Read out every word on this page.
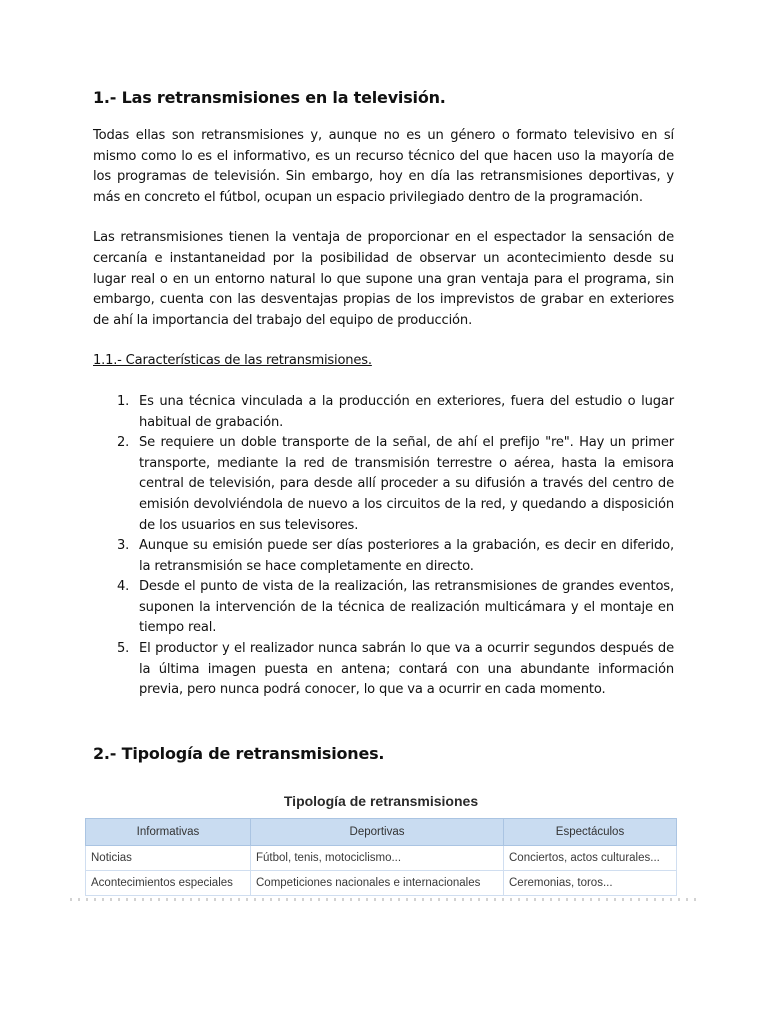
1.- Las retransmisiones en la televisión.

Todas ellas son retransmisiones y, aunque no es un género o formato televisivo en sí mismo como lo es el informativo, es un recurso técnico del que hacen uso la mayoría de los programas de televisión. Sin embargo, hoy en día las retransmisiones deportivas, y más en concreto el fútbol, ocupan un espacio privilegiado dentro de la programación.

Las retransmisiones tienen la ventaja de proporcionar en el espectador la sensación de cercanía e instantaneidad por la posibilidad de observar un acontecimiento desde su lugar real o en un entorno natural lo que supone una gran ventaja para el programa, sin embargo, cuenta con las desventajas propias de los imprevistos de grabar en exteriores de ahí la importancia del trabajo del equipo de producción.

1.1.- Características de las retransmisiones.
1. Es una técnica vinculada a la producción en exteriores, fuera del estudio o lugar habitual de grabación.
2. Se requiere un doble transporte de la señal, de ahí el prefijo "re". Hay un primer transporte, mediante la red de transmisión terrestre o aérea, hasta la emisora central de televisión, para desde allí proceder a su difusión a través del centro de emisión devolviéndola de nuevo a los circuitos de la red, y quedando a disposición de los usuarios en sus televisores.
3. Aunque su emisión puede ser días posteriores a la grabación, es decir en diferido, la retransmisión se hace completamente en directo.
4. Desde el punto de vista de la realización, las retransmisiones de grandes eventos, suponen la intervención de la técnica de realización multicámara y el montaje en tiempo real.
5. El productor y el realizador nunca sabrán lo que va a ocurrir segundos después de la última imagen puesta en antena; contará con una abundante información previa, pero nunca podrá conocer, lo que va a ocurrir en cada momento.
2.- Tipología de retransmisiones.
Tipología de retransmisiones
Informativas	Deportivas	Espectáculos
Noticias	Fútbol, tenis, motociclismo...	Conciertos, actos culturales...
Acontecimientos especiales	Competiciones nacionales e internacionales	Ceremonias, toros...
